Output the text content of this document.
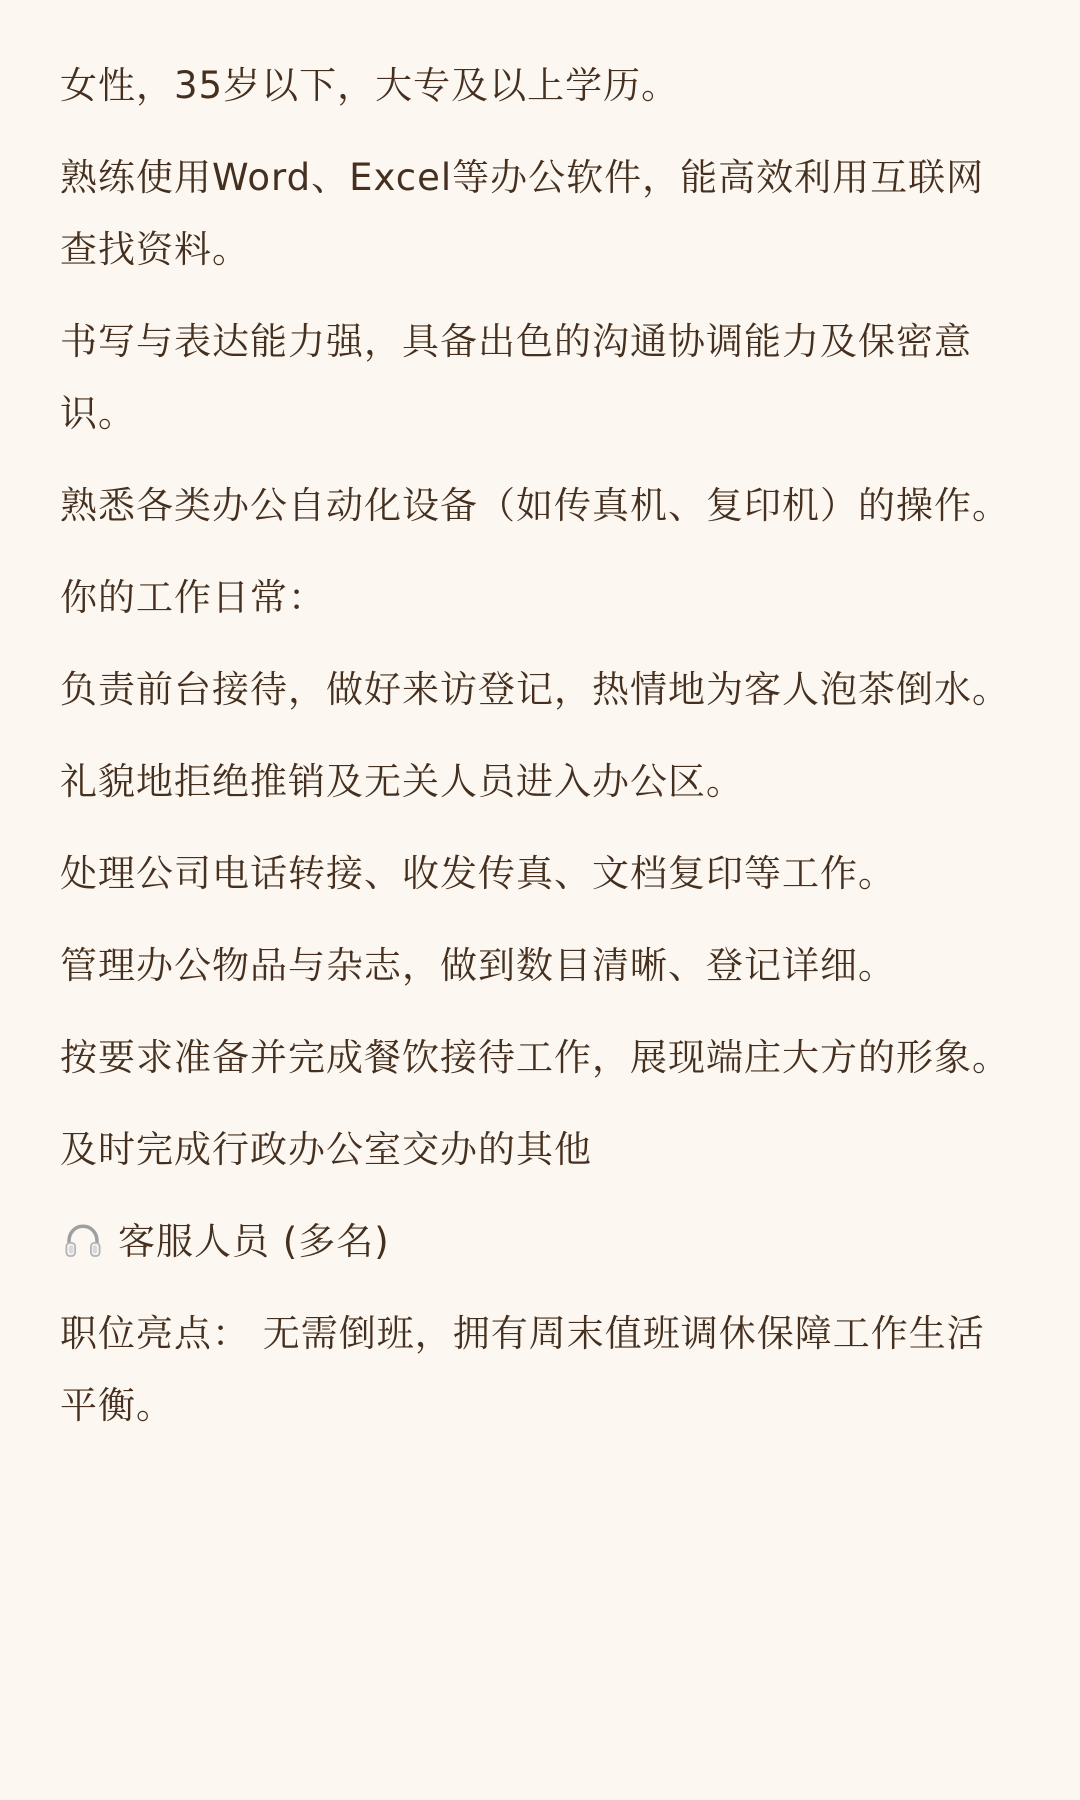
女性，35岁以下，大专及以上学历。

熟练使用Word、Excel等办公软件，能高效利用互联网查找资料。

书写与表达能力强，具备出色的沟通协调能力及保密意识。

熟悉各类办公自动化设备（如传真机、复印机）的操作。

你的工作日常：

负责前台接待，做好来访登记，热情地为客人泡茶倒水。

礼貌地拒绝推销及无关人员进入办公区。

处理公司电话转接、收发传真、文档复印等工作。

管理办公物品与杂志，做到数目清晰、登记详细。

按要求准备并完成餐饮接待工作，展现端庄大方的形象。

及时完成行政办公室交办的其他

客服人员 (多名)

职位亮点： 无需倒班，拥有周末值班调休保障工作生活平衡。
